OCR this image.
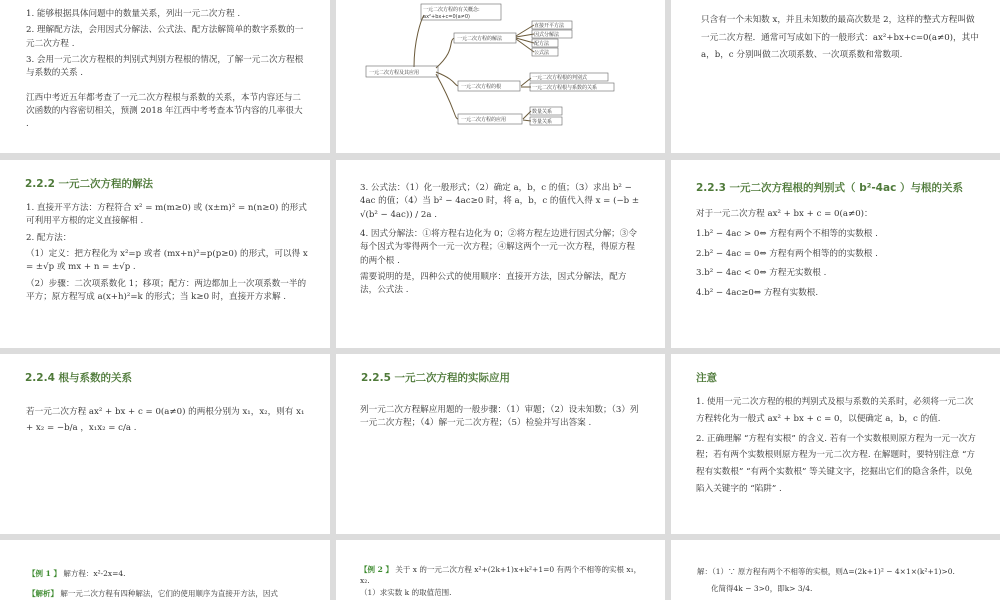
1. 能够根据具体问题中的数量关系，列出一元二次方程 .

2. 理解配方法，会用因式分解法、公式法、配方法解简单的数字系数的一元二次方程 .

3. 会用一元二次方程根的判别式判别方程根的情况，了解一元二次方程根与系数的关系 .

江西中考近五年都考查了一元二次方程根与系数的关系，本节内容还与二次函数的内容密切相关，预测 2018 年江西中考考查本节内容的几率很大 .

一元二次方程及其应用
一元二次方程的有关概念:
ax²+bx+c=0(a≠0)
一元二次方程的解法
直接开平方法
因式分解法
配方法
公式法
一元二次方程的根
一元二次方程根的判别式
一元二次方程根与系数的关系
一元二次方程的应用
数量关系
等量关系
只含有一个未知数 x，并且未知数的最高次数是 2，这样的整式方程叫做一元二次方程．通常可写成如下的一般形式：ax²+bx+c=0(a≠0)，其中 a，b，c 分别叫做二次项系数、一次项系数和常数项.
2.2.2 一元二次方程的解法

1. 直接开平方法：方程符合 x² = m(m≥0) 或 (x±m)² = n(n≥0) 的形式可利用平方根的定义直接解相 .

2. 配方法：

（1）定义：把方程化为 x²=p 或者 (mx+n)²=p(p≥0) 的形式，可以得 x = ±√p 或 mx + n = ±√p .

（2）步骤：二次项系数化 1；移项；配方：两边都加上一次项系数一半的平方；原方程写成 a(x+h)²=k 的形式；当 k≥0 时，直接开方求解 .

3. 公式法：（1）化一般形式；（2）确定 a，b，c 的值；（3）求出 b² − 4ac 的值；（4）当 b² − 4ac≥0 时，将 a，b，c 的值代入得 x = (−b ± √(b² − 4ac)) / 2a .

4. 因式分解法：①将方程右边化为 0；②将方程左边进行因式分解；③令每个因式为零得两个一元一次方程；④解这两个一元一次方程，得原方程的两个根 .

需要说明的是，四种公式的使用顺序：直接开方法，因式分解法，配方法，公式法 .

2.2.3 一元二次方程根的判别式（ b²-4ac ）与根的关系
对于一元二次方程 ax² + bx + c = 0(a≠0)：
1.b² − 4ac > 0⇔ 方程有两个不相等的实数根 .
2.b² − 4ac = 0⇔ 方程有两个相等的的实数根 .
3.b² − 4ac < 0⇔ 方程无实数根 .
4.b² − 4ac≥0⇔ 方程有实数根.
2.2.4 根与系数的关系
若一元二次方程 ax² + bx + c = 0(a≠0) 的两根分别为 x₁，x₂，则有 x₁ + x₂ = −b/a ，x₁x₂ = c/a .
2.2.5 一元二次方程的实际应用
列一元二次方程解应用题的一般步骤：（1）审题；（2）设未知数；（3）列一元二次方程；（4）解一元二次方程；（5）检验并写出答案 .
注意

1. 使用一元二次方程的根的判别式及根与系数的关系时，必须将一元二次方程转化为一般式 ax² + bx + c = 0，以便确定 a，b，c 的值.

2. 正确理解 “方程有实根” 的含义. 若有一个实数根则原方程为一元一次方程；若有两个实数根则原方程为一元二次方程. 在解题时，要特别注意 “方程有实数根” “有两个实数根” 等关键文字，挖掘出它们的隐含条件，以免陷入关键字的 “陷阱” .

【例 1 】 解方程：x²-2x=4.
【解析】 解一元二次方程有四种解法，它们的使用顺序为直接开方法，因式
【例 2 】 关于 x 的一元二次方程 x²+(2k+1)x+k²+1=0 有两个不相等的实根 x₁，x₂.
（1）求实数 k 的取值范围.
解：（1）∵ 原方程有两个不相等的实根，则Δ=(2k+1)² − 4×1×(k²+1)>0.
化简得4k − 3>0，即k> 3/4.
